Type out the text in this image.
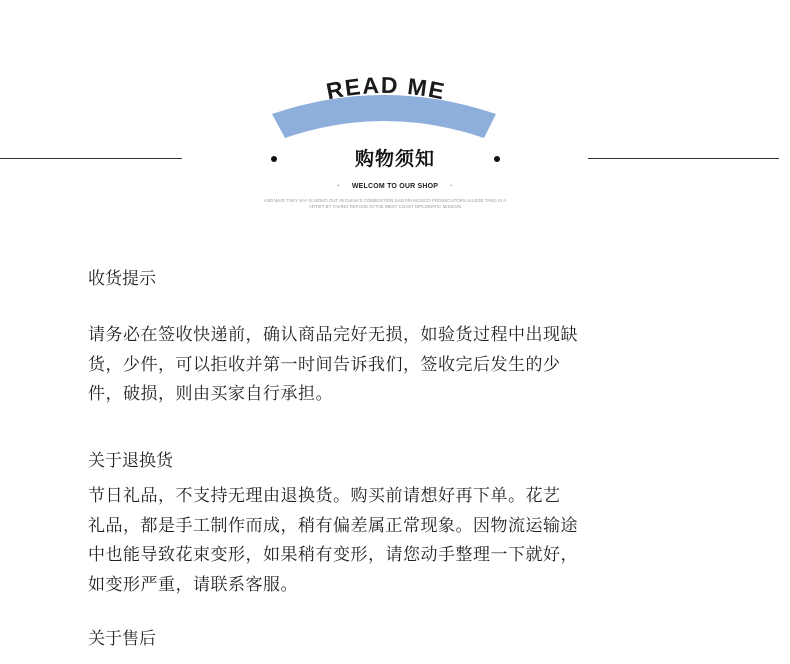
READ ME
购物须知
· WELCOM TO OUR SHOP ·
AND WHO THEY SAY IS MOHO OUT IN CHINA'S COMBUSTION SAN FRANCISCO PROSECUTORS ALLEGE TANG IS A
ARTIST BY TAKING REFUGE IN THE WEST COAST DIPLOMATIC MISSION
收货提示

请务必在签收快递前，确认商品完好无损，如验货过程中出现缺
货，少件，可以拒收并第一时间告诉我们，签收完后发生的少
件，破损，则由买家自行承担。

关于退换货

节日礼品，不支持无理由退换货。购买前请想好再下单。花艺
礼品，都是手工制作而成，稍有偏差属正常现象。因物流运输途
中也能导致花束变形，如果稍有变形，请您动手整理一下就好，
如变形严重，请联系客服。

关于售后
